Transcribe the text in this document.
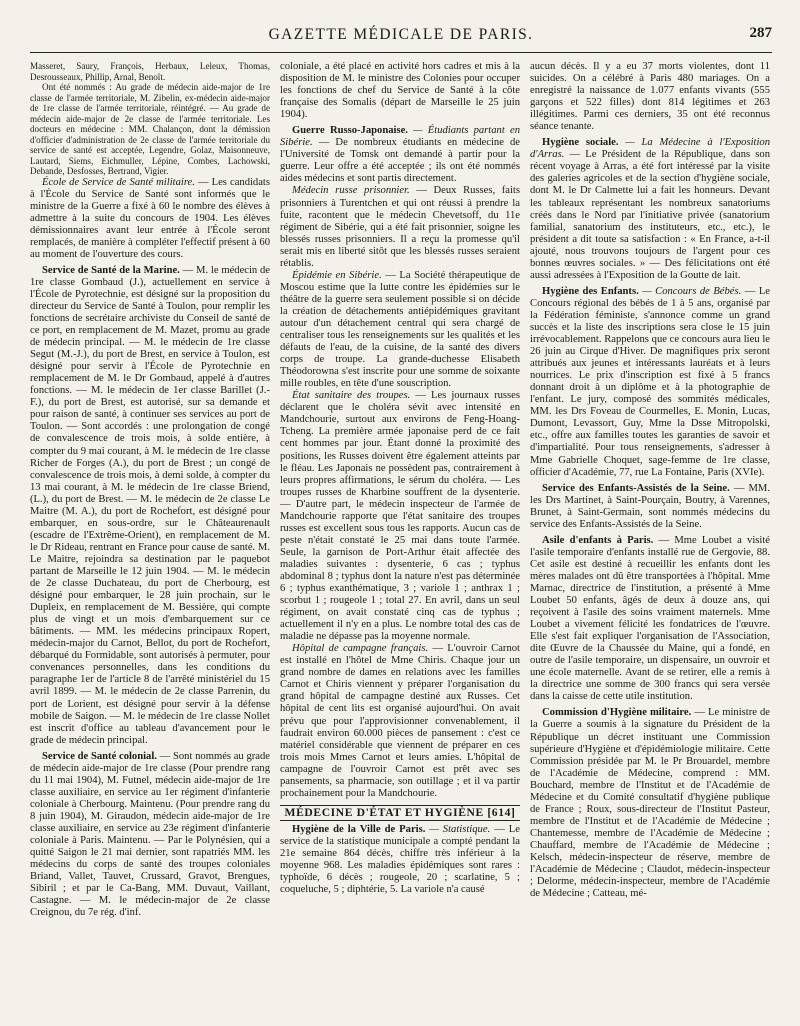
GAZETTE MÉDICALE DE PARIS.	287

Masseret, Saury, François, Herbaux, Leleux, Thomas, Desrousseaux, Phillip, Arnal, Benoît.

Ont été nommés : Au grade de médecin aide-major de 1re classe de l'armée territoriale, M. Zibelin, ex-médecin aide-major de 1re classe de l'armée territoriale, réintégré. — Au grade de médecin aide-major de 2e classe de l'armée territoriale. Les docteurs en médecine : MM. Chalançon, dont la démission d'officier d'administration de 2e classe de l'armée territoriale du service de santé est acceptée, Legendre, Golaz, Maisonneuve, Lautard, Siems, Eichmuller, Lépine, Combes, Lachowski, Debande, Desfosses, Bertrand, Vigier.

École de Service de Santé militaire. — Les candidats à l'École du Service de Santé sont informés que le ministre de la Guerre a fixé à 60 le nombre des élèves à admettre à la suite du concours de 1904. Les élèves démissionnaires avant leur entrée à l'École seront remplacés, de manière à compléter l'effectif présent à 60 au moment de l'ouverture des cours.

Service de Santé de la Marine. — M. le médecin de 1re classe Gombaud (J.), actuellement en service à l'École de Pyrotechnie, est désigné sur la proposition du directeur du Service de Santé à Toulon, pour remplir les fonctions de secrétaire archiviste du Conseil de santé de ce port, en remplacement de M. Mazet, promu au grade de médecin principal. — M. le médecin de 1re classe Segut (M.-J.), du port de Brest, en service à Toulon, est désigné pour servir à l'École de Pyrotechnie en remplacement de M. le Dr Gombaud, appelé à d'autres fonctions. — M. le médecin de 1er classe Barillet (J.-F.), du port de Brest, est autorisé, sur sa demande et pour raison de santé, à continuer ses services au port de Toulon. — Sont accordés : une prolongation de congé de convalescence de trois mois, à solde entière, à compter du 9 mai courant, à M. le médecin de 1re classe Richer de Forges (A.), du port de Brest ; un congé de convalescence de trois mois, à demi solde, à compter du 13 mai courant, à M. le médecin de 1re classe Briend, (L.), du port de Brest. — M. le médecin de 2e classe Le Maitre (M. A.), du port de Rochefort, est désigné pour embarquer, en sous-ordre, sur le Châteaurenault (escadre de l'Extrême-Orient), en remplacement de M. le Dr Rideau, rentrant en France pour cause de santé. M. Le Maitre, rejoindra sa destination par le paquebot partant de Marseille le 12 juin 1904. — M. le médecin de 2e classe Duchateau, du port de Cherbourg, est désigné pour embarquer, le 28 juin prochain, sur le Dupleix, en remplacement de M. Bessière, qui compte plus de vingt et un mois d'embarquement sur ce bâtiments. — MM. les médecins principaux Ropert, médecin-major du Carnot, Bellot, du port de Rochefort, débarqué du Formidable, sont autorisés à permuter, pour convenances personnelles, dans les conditions du paragraphe 1er de l'article 8 de l'arrêté ministériel du 15 avril 1899. — M. le médecin de 2e classe Parrenin, du port de Lorient, est désigné pour servir à la défense mobile de Saigon. — M. le médecin de 1re classe Nollet est inscrit d'office au tableau d'avancement pour le grade de médecin principal.

Service de Santé colonial. — Sont nommés au grade de médecin aide-major de 1re classe (Pour prendre rang du 11 mai 1904), M. Futnel, médecin aide-major de 1re classe auxiliaire, en service au 1er régiment d'infanterie coloniale à Cherbourg. Maintenu. (Pour prendre rang du 8 juin 1904), M. Giraudon, médecin aide-major de 1re classe auxiliaire, en service au 23e régiment d'infanterie coloniale à Paris. Maintenu. — Par le Polynésien, qui a quitté Saigon le 21 mai dernier, sont rapatriés MM. les médecins du corps de santé des troupes coloniales Briand, Vallet, Tauvet, Crussard, Gravot, Brengues, Sibiril ; et par le Ca-Bang, MM. Duvaut, Vaillant, Castagne. — M. le médecin-major de 2e classe Creignou, du 7e rég. d'inf.

coloniale, a été placé en activité hors cadres et mis à la disposition de M. le ministre des Colonies pour occuper les fonctions de chef du Service de Santé à la côte française des Somalis (départ de Marseille le 25 juin 1904).

Guerre Russo-Japonaise. — Étudiants partant en Sibérie. — De nombreux étudiants en médecine de l'Université de Tomsk ont demandé à partir pour la guerre. Leur offre a été acceptée ; ils ont été nommés aides médecins et sont partis directement.

Médecin russe prisonnier. — Deux Russes, faits prisonniers à Turentchen et qui ont réussi à prendre la fuite, racontent que le médecin Chevetsoff, du 11e régiment de Sibérie, qui a été fait prisonnier, soigne les blessés russes prisonniers. Il a reçu la promesse qu'il serait mis en liberté sitôt que les blessés russes seraient rétablis.

Épidémie en Sibérie. — La Société thérapeutique de Moscou estime que la lutte contre les épidémies sur le théâtre de la guerre sera seulement possible si on décide la création de détachements antiépidémiques gravitant autour d'un détachement central qui sera chargé de centraliser tous les renseignements sur les qualités et les défauts de l'eau, de la cuisine, de la santé des divers corps de troupe. La grande-duchesse Elisabeth Théodorowna s'est inscrite pour une somme de soixante mille roubles, en tête d'une souscription.

État sanitaire des troupes. — Les journaux russes déclarent que le choléra sévit avec intensité en Mandchourie, surtout aux environs de Feng-Hoang-Tcheng. La première armée japonaise perd de ce fait cent hommes par jour. Étant donné la proximité des positions, les Russes doivent être également atteints par le fléau. Les Japonais ne possèdent pas, contrairement à leurs propres affirmations, le sérum du choléra. — Les troupes russes de Kharbine souffrent de la dysenterie. — D'autre part, le médecin inspecteur de l'armée de Mandchourie rapporte que l'état sanitaire des troupes russes est excellent sous tous les rapports. Aucun cas de peste n'était constaté le 25 mai dans toute l'armée. Seule, la garnison de Port-Arthur était affectée des maladies suivantes : dysenterie, 6 cas ; typhus abdominal 8 ; typhus dont la nature n'est pas déterminée 6 ; typhus exanthématique, 3 ; variole 1 ; anthrax 1 ; scorbut 1 ; rougeole 1 ; total 27. En avril, dans un seul régiment, on avait constaté cinq cas de typhus ; actuellement il n'y en a plus. Le nombre total des cas de maladie ne dépasse pas la moyenne normale.

Hôpital de campagne français. — L'ouvroir Carnot est installé en l'hôtel de Mme Chiris. Chaque jour un grand nombre de dames en relations avec les familles Carnot et Chiris viennent y préparer l'organisation du grand hôpital de campagne destiné aux Russes. Cet hôpital de cent lits est organisé aujourd'hui. On avait prévu que pour l'approvisionner convenablement, il faudrait environ 60.000 pièces de pansement : c'est ce matériel considérable que viennent de préparer en ces trois mois Mmes Carnot et leurs amies. L'hôpital de campagne de l'ouvroir Carnot est prêt avec ses pansements, sa pharmacie, son outillage ; et il va partir prochainement pour la Mandchourie.

MÉDECINE D'ÉTAT ET HYGIÈNE [614]

Hygiène de la Ville de Paris. — Statistique. — Le service de la statistique municipale a compté pendant la 21e semaine 864 décès, chiffre très inférieur à la moyenne 968. Les maladies épidémiques sont rares : typhoïde, 6 décès ; rougeole, 20 ; scarlatine, 5 ; coqueluche, 5 ; diphtérie, 5. La variole n'a causé

aucun décès. Il y a eu 37 morts violentes, dont 11 suicides. On a célébré à Paris 480 mariages. On a enregistré la naissance de 1.077 enfants vivants (555 garçons et 522 filles) dont 814 légitimes et 263 illégitimes. Parmi ces derniers, 35 ont été reconnus séance tenante.

Hygiène sociale. — La Médecine à l'Exposition d'Arras. — Le Président de la République, dans son récent voyage à Arras, a été fort intéressé par la visite des galeries agricoles et de la section d'hygiène sociale, dont M. le Dr Calmette lui a fait les honneurs. Devant les tableaux représentant les nombreux sanatoriums créés dans le Nord par l'initiative privée (sanatorium familial, sanatorium des instituteurs, etc., etc.), le président a dit toute sa satisfaction : « En France, a-t-il ajouté, nous trouvons toujours de l'argent pour ces bonnes œuvres sociales. » — Des félicitations ont été aussi adressées à l'Exposition de la Goutte de lait.

Hygiène des Enfants. — Concours de Bébés. — Le Concours régional des bébés de 1 à 5 ans, organisé par la Fédération féministe, s'annonce comme un grand succès et la liste des inscriptions sera close le 15 juin irrévocablement. Rappelons que ce concours aura lieu le 26 juin au Cirque d'Hiver. De magnifiques prix seront attribués aux jeunes et intéressants lauréats et à leurs nourrices. Le prix d'inscription est fixé à 5 francs donnant droit à un diplôme et à la photographie de l'enfant. Le jury, composé des sommités médicales, MM. les Drs Foveau de Courmelles, E. Monin, Lucas, Dumont, Levassort, Guy, Mme la Dsse Mitropolski, etc., offre aux familles toutes les garanties de savoir et d'impartialité. Pour tous renseignements, s'adresser à Mme Gabrielle Choquet, sage-femme de 1re classe, officier d'Académie, 77, rue La Fontaine, Paris (XVIe).

Service des Enfants-Assistés de la Seine. — MM. les Drs Martinet, à Saint-Pourçain, Boutry, à Varennes, Brunet, à Saint-Germain, sont nommés médecins du service des Enfants-Assistés de la Seine.

Asile d'enfants à Paris. — Mme Loubet a visité l'asile temporaire d'enfants installé rue de Gergovie, 88. Cet asile est destiné à recueillir les enfants dont les mères malades ont dû être transportées à l'hôpital. Mme Marnac, directrice de l'institution, a présenté à Mme Loubet 50 enfants, âgés de deux à douze ans, qui reçoivent à l'asile des soins vraiment maternels. Mme Loubet a vivement félicité les fondatrices de l'œuvre. Elle s'est fait expliquer l'organisation de l'Association, dite Œuvre de la Chaussée du Maine, qui a fondé, en outre de l'asile temporaire, un dispensaire, un ouvroir et une école maternelle. Avant de se retirer, elle a remis à la directrice une somme de 300 francs qui sera versée dans la caisse de cette utile institution.

Commission d'Hygiène militaire. — Le ministre de la Guerre a soumis à la signature du Président de la République un décret instituant une Commission supérieure d'Hygiène et d'épidémiologie militaire. Cette Commission présidée par M. le Pr Brouardel, membre de l'Académie de Médecine, comprend : MM. Bouchard, membre de l'Institut et de l'Académie de Médecine et du Comité consultatif d'hygiène publique de France ; Roux, sous-directeur de l'Institut Pasteur, membre de l'Institut et de l'Académie de Médecine ; Chantemesse, membre de l'Académie de Médecine ; Chauffard, membre de l'Académie de Médecine ; Kelsch, médecin-inspecteur de réserve, membre de l'Académie de Médecine ; Claudot, médecin-inspecteur ; Delorme, médecin-inspecteur, membre de l'Académie de Médecine ; Catteau, mé-
